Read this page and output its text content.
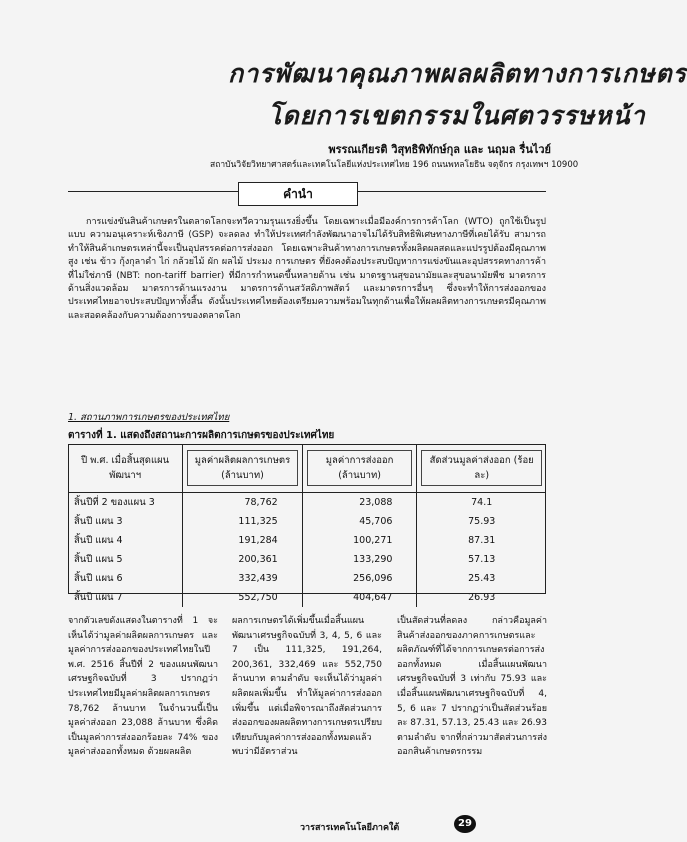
การพัฒนาคุณภาพผลผลิตทางการเกษตร
โดยการเขตกรรมในศตวรรษหน้า
พรรณเกียรติ วิสุทธิพิทักษ์กุล และ นฤมล รื่นไวย์
สถาบันวิจัยวิทยาศาสตร์และเทคโนโลยีแห่งประเทศไทย 196 ถนนพหลโยธิน จตุจักร กรุงเทพฯ 10900
คำนำ

การแข่งขันสินค้าเกษตรในตลาดโลกจะทวีความรุนแรงยิ่งขึ้น โดยเฉพาะเมื่อมีองค์การการค้าโลก (WTO) ถูกใช้เป็นรูปแบบ ความอนุเคราะห์เชิงภาษี (GSP) จะลดลง ทำให้ประเทศกำลังพัฒนาอาจไม่ได้รับสิทธิพิเศษทางภาษีที่เคยได้รับ สามารถทำให้สินค้าเกษตรเหล่านี้จะเป็นอุปสรรคต่อการส่งออก โดยเฉพาะสินค้าทางการเกษตรทั้งผลิตผลสดและแปรรูปต้องมีคุณภาพสูง เช่น ข้าว กุ้งกุลาดำ ไก่ กล้วยไม้ ผัก ผลไม้ ประมง การเกษตร ที่ยังคงต้องประสบปัญหาการแข่งขันและอุปสรรคทางการค้าที่ไม่ใช่ภาษี (NBT: non-tariff barrier) ที่มีการกำหนดขึ้นหลายด้าน เช่น มาตรฐานสุขอนามัยและสุขอนามัยพืช มาตรการด้านสิ่งแวดล้อม มาตรการด้านแรงงาน มาตรการด้านสวัสดิภาพสัตว์ และมาตรการอื่นๆ ซึ่งจะทำให้การส่งออกของประเทศไทยอาจประสบปัญหาทั้งสิ้น ดังนั้นประเทศไทยต้องเตรียมความพร้อมในทุกด้านเพื่อให้ผลผลิตทางการเกษตรมีคุณภาพและสอดคล้องกับความต้องการของตลาดโลก

1. สถานภาพการเกษตรของประเทศไทย
ตารางที่ 1. แสดงถึงสถานะการผลิตการเกษตรของประเทศไทย
ปี พ.ศ. เมื่อสิ้นสุดแผนพัฒนาฯ	มูลค่าผลิตผลการเกษตร (ล้านบาท)	มูลค่าการส่งออก (ล้านบาท)	สัดส่วนมูลค่าส่งออก (ร้อยละ)
สิ้นปีที่ 2 ของแผน 3	78,762	23,088	74.1
สิ้นปี แผน 3	111,325	45,706	75.93
สิ้นปี แผน 4	191,284	100,271	87.31
สิ้นปี แผน 5	200,361	133,290	57.13
สิ้นปี แผน 6	332,439	256,096	25.43
สิ้นปี แผน 7	552,750	404,647	26.93

จากตัวเลขดังแสดงในตารางที่ 1 จะเห็นได้ว่ามูลค่าผลิตผลการเกษตร และมูลค่าการส่งออกของประเทศไทยในปี พ.ศ. 2516 สิ้นปีที่ 2 ของแผนพัฒนาเศรษฐกิจฉบับที่ 3 ปรากฏว่าประเทศไทยมีมูลค่าผลิตผลการเกษตร 78,762 ล้านบาท ในจำนวนนี้เป็นมูลค่าส่งออก 23,088 ล้านบาท ซึ่งคิดเป็นมูลค่าการส่งออกร้อยละ 74% ของมูลค่าส่งออกทั้งหมด ด้วยผลผลิต

ผลการเกษตรได้เพิ่มขึ้นเมื่อสิ้นแผนพัฒนาเศรษฐกิจฉบับที่ 3, 4, 5, 6 และ 7 เป็น 111,325, 191,264, 200,361, 332,469 และ 552,750 ล้านบาท ตามลำดับ จะเห็นได้ว่ามูลค่าผลิตผลเพิ่มขึ้น ทำให้มูลค่าการส่งออกเพิ่มขึ้น แต่เมื่อพิจารณาถึงสัดส่วนการส่งออกของผลผลิตทางการเกษตรเปรียบเทียบกับมูลค่าการส่งออกทั้งหมดแล้วพบว่ามีอัตราส่วน

เป็นสัดส่วนที่ลดลง กล่าวคือมูลค่าสินค้าส่งออกของภาคการเกษตรและผลิตภัณฑ์ที่ได้จากการเกษตรต่อการส่งออกทั้งหมด เมื่อสิ้นแผนพัฒนาเศรษฐกิจฉบับที่ 3 เท่ากับ 75.93 และเมื่อสิ้นแผนพัฒนาเศรษฐกิจฉบับที่ 4, 5, 6 และ 7 ปรากฏว่าเป็นสัดส่วนร้อยละ 87.31, 57.13, 25.43 และ 26.93 ตามลำดับ จากที่กล่าวมาสัดส่วนการส่งออกสินค้าเกษตรกรรม

วารสารเทคโนโลยีภาคใต้	29
